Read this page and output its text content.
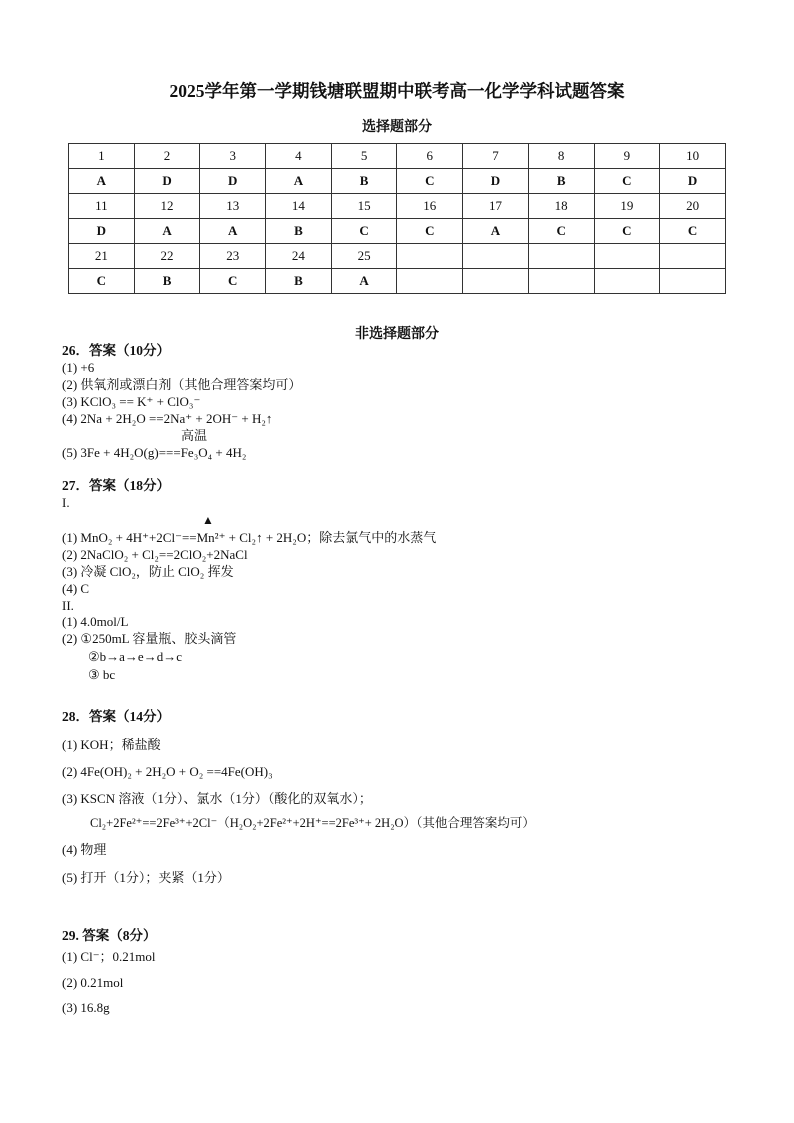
2025学年第一学期钱塘联盟期中联考高一化学学科试题答案
选择题部分
1	2	3	4	5	6	7	8	9	10
A	D	D	A	B	C	D	B	C	D
11	12	13	14	15	16	17	18	19	20
D	A	A	B	C	C	A	C	C	C
21	22	23	24	25					
C	B	C	B	A					
非选择题部分
26．答案（10分）
(1) +6
(2) 供氧剂或漂白剂（其他合理答案均可）
(3) KClO₃ == K⁺ + ClO₃⁻
(4) 2Na + 2H₂O ==2Na⁺ + 2OH⁻ + H₂↑
高温
(5) 3Fe + 4H₂O(g)===Fe₃O₄ + 4H₂
27．答案（18分）
I.
▲
(1) MnO₂ + 4H⁺+2Cl⁻==Mn²⁺ + Cl₂↑ + 2H₂O；除去氯气中的水蒸气
(2) 2NaClO₂ + Cl₂==2ClO₂+2NaCl
(3) 冷凝 ClO₂，防止 ClO₂ 挥发
(4) C
II.
(1) 4.0mol/L
(2) ①250mL 容量瓶、胶头滴管
②b→a→e→d→c
③ bc
28．答案（14分）
(1) KOH；稀盐酸
(2) 4Fe(OH)₂ + 2H₂O + O₂ ==4Fe(OH)₃
(3) KSCN 溶液（1分）、氯水（1分）（酸化的双氧水）；
Cl₂+2Fe²⁺==2Fe³⁺+2Cl⁻（H₂O₂+2Fe²⁺+2H⁺==2Fe³⁺+ 2H₂O）（其他合理答案均可）
(4) 物理
(5) 打开（1分）；夹紧（1分）
29. 答案（8分）
(1) Cl⁻；0.21mol
(2) 0.21mol
(3) 16.8g
